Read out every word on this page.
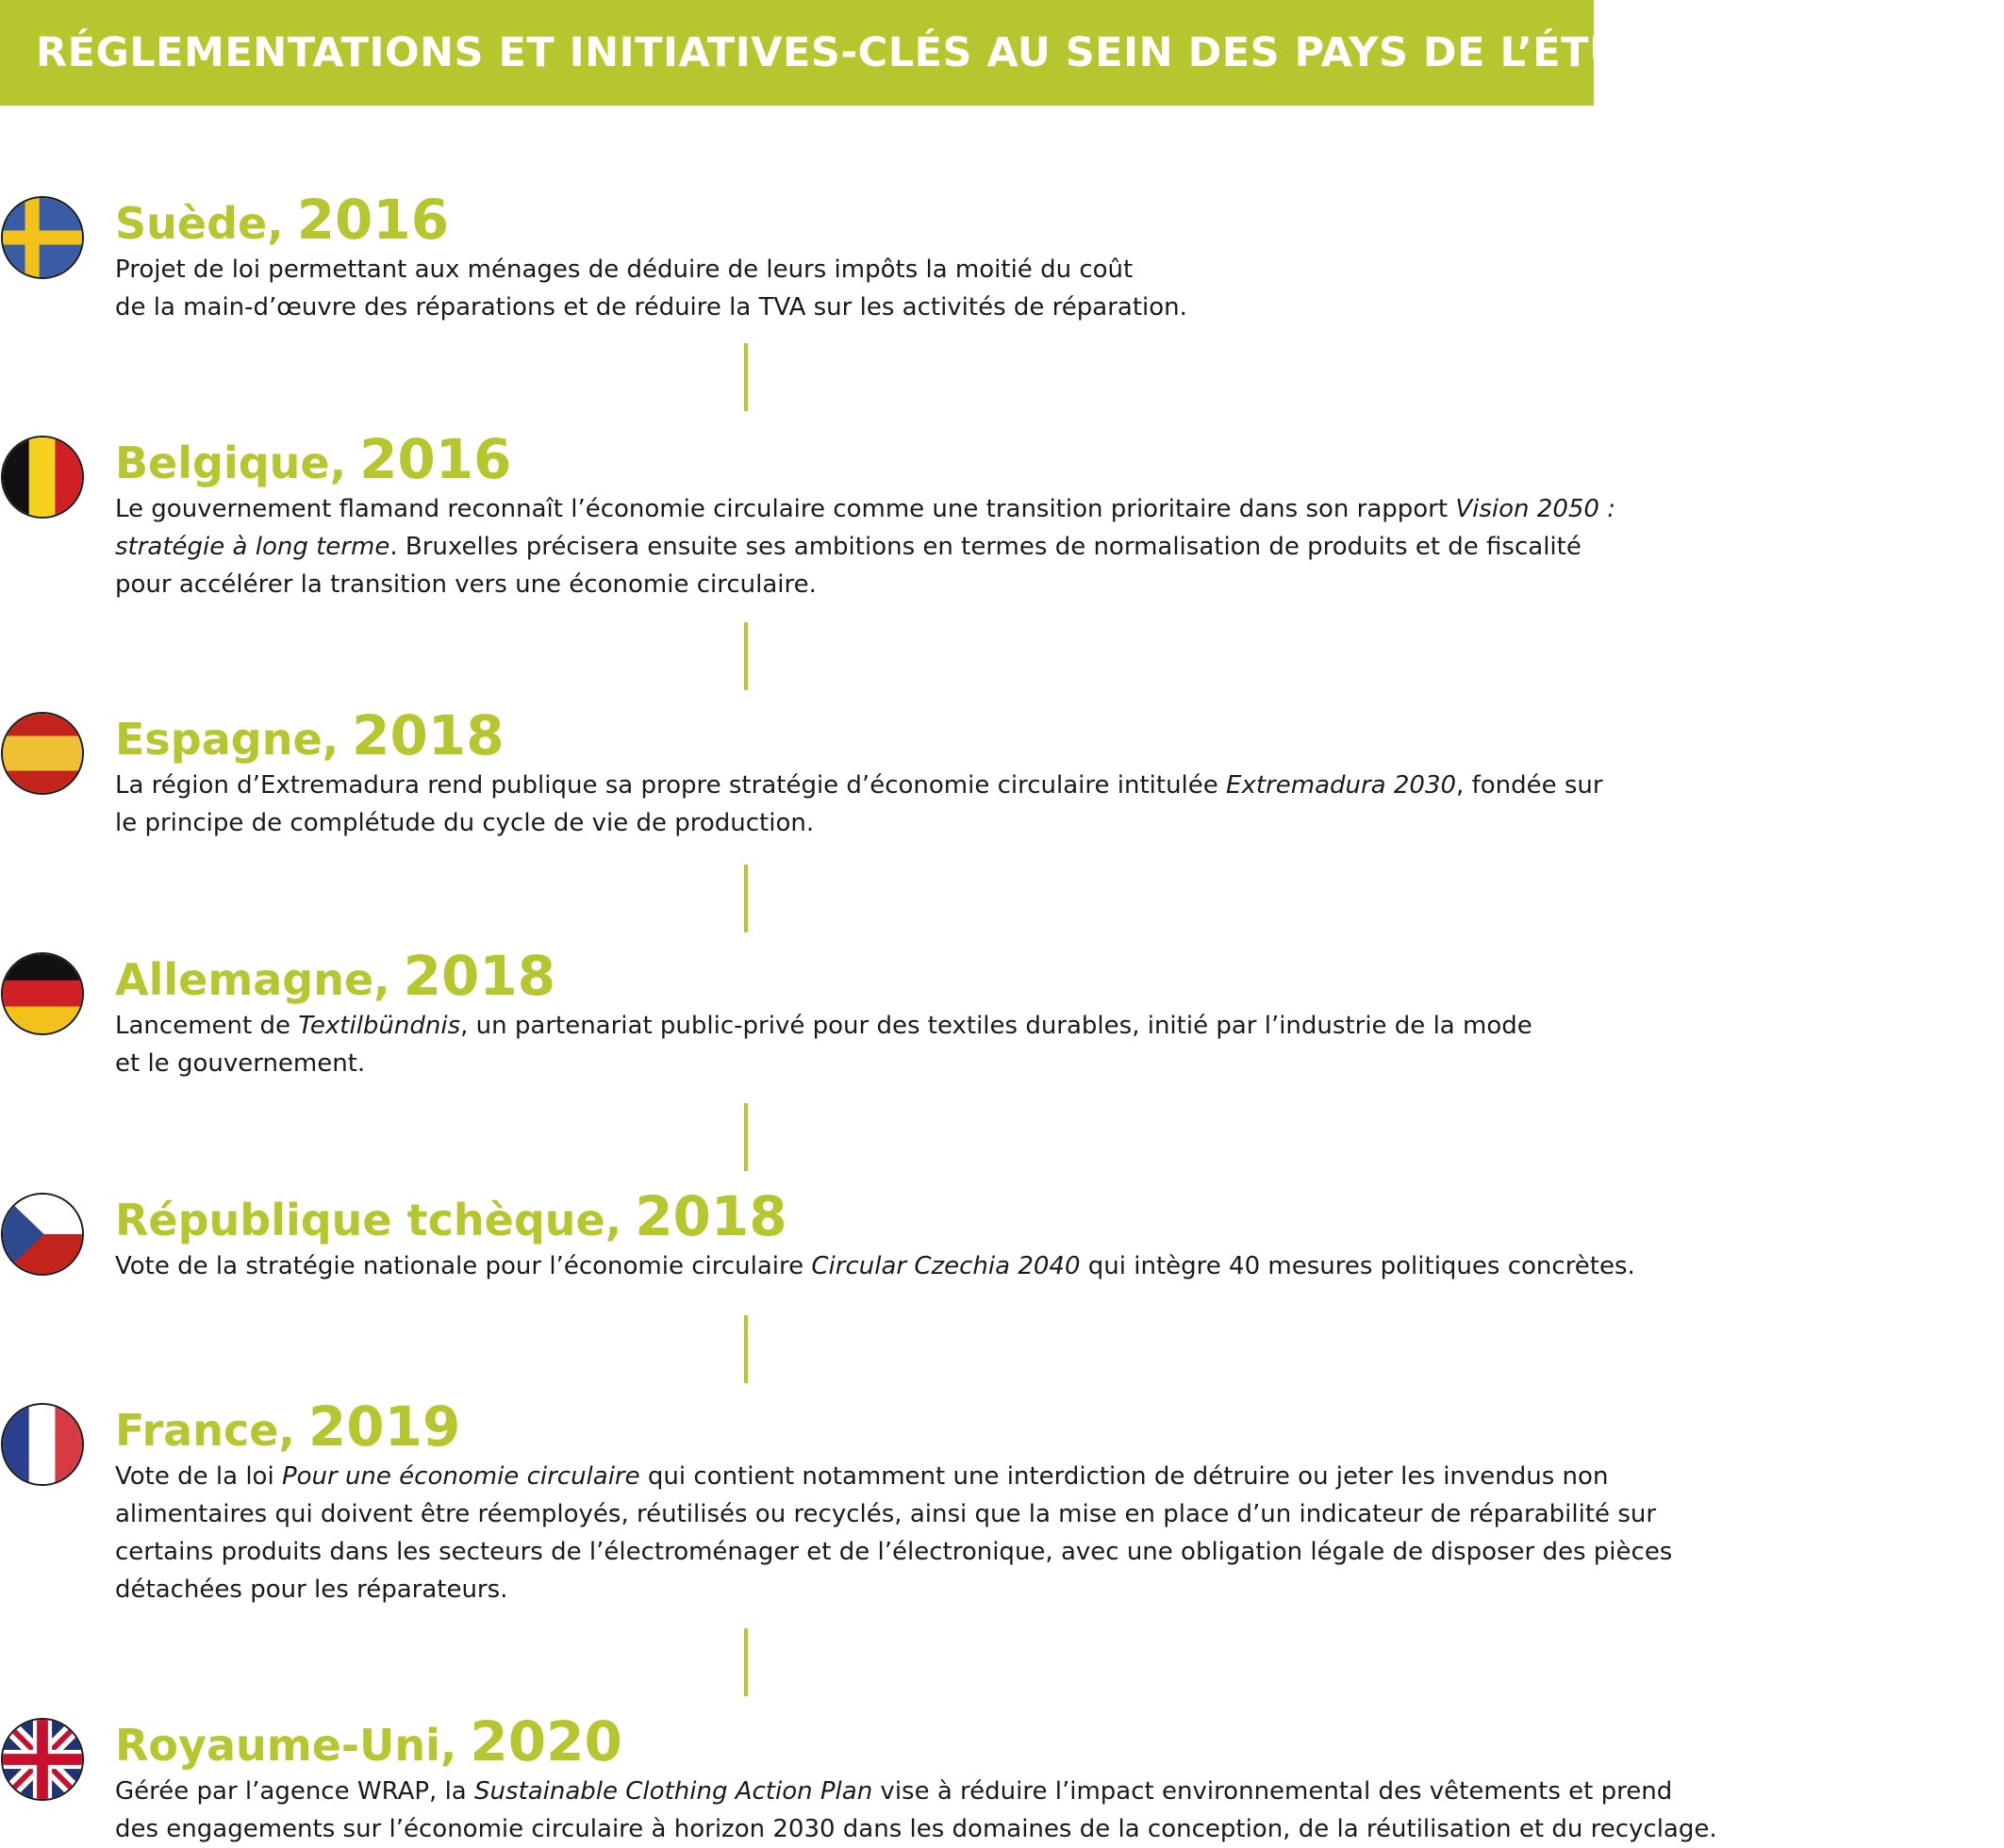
RÉGLEMENTATIONS ET INITIATIVES-CLÉS AU SEIN DES PAYS DE L’ÉTUDE
Suède, 2016

Projet de loi permettant aux ménages de déduire de leurs impôts la moitié du coût

de la main-d’œuvre des réparations et de réduire la TVA sur les activités de réparation.

Belgique, 2016

Le gouvernement flamand reconnaît l’économie circulaire comme une transition prioritaire dans son rapport Vision 2050 :

stratégie à long terme. Bruxelles précisera ensuite ses ambitions en termes de normalisation de produits et de fiscalité

pour accélérer la transition vers une économie circulaire.

Espagne, 2018

La région d’Extremadura rend publique sa propre stratégie d’économie circulaire intitulée Extremadura 2030, fondée sur

le principe de complétude du cycle de vie de production.

Allemagne, 2018

Lancement de Textilbündnis, un partenariat public-privé pour des textiles durables, initié par l’industrie de la mode

et le gouvernement.

République tchèque, 2018

Vote de la stratégie nationale pour l’économie circulaire Circular Czechia 2040 qui intègre 40 mesures politiques concrètes.

France, 2019

Vote de la loi Pour une économie circulaire qui contient notamment une interdiction de détruire ou jeter les invendus non

alimentaires qui doivent être réemployés, réutilisés ou recyclés, ainsi que la mise en place d’un indicateur de réparabilité sur

certains produits dans les secteurs de l’électroménager et de l’électronique, avec une obligation légale de disposer des pièces

détachées pour les réparateurs.

Royaume-Uni, 2020

Gérée par l’agence WRAP, la Sustainable Clothing Action Plan vise à réduire l’impact environnemental des vêtements et prend

des engagements sur l’économie circulaire à horizon 2030 dans les domaines de la conception, de la réutilisation et du recyclage.
